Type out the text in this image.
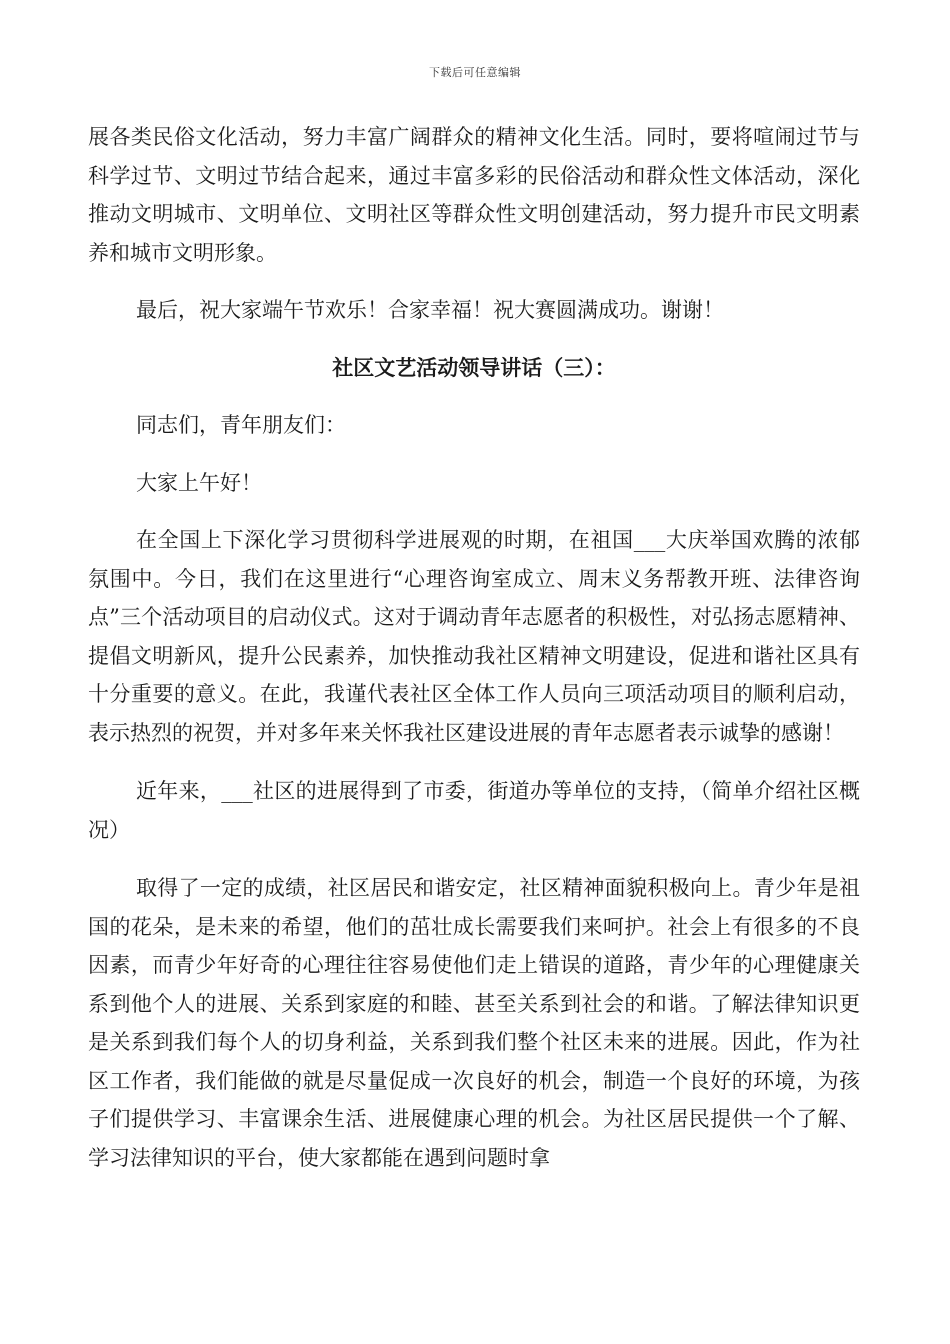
下载后可任意编辑

展各类民俗文化活动，努力丰富广阔群众的精神文化生活。同时，要将喧闹过节与科学过节、文明过节结合起来，通过丰富多彩的民俗活动和群众性文体活动，深化推动文明城市、文明单位、文明社区等群众性文明创建活动，努力提升市民文明素养和城市文明形象。

最后，祝大家端午节欢乐！合家幸福！祝大赛圆满成功。谢谢！

社区文艺活动领导讲话（三）：

同志们，青年朋友们：

大家上午好！

在全国上下深化学习贯彻科学进展观的时期，在祖国___大庆举国欢腾的浓郁氛围中。今日，我们在这里进行“心理咨询室成立、周末义务帮教开班、法律咨询点”三个活动项目的启动仪式。这对于调动青年志愿者的积极性，对弘扬志愿精神、提倡文明新风，提升公民素养，加快推动我社区精神文明建设，促进和谐社区具有十分重要的意义。在此，我谨代表社区全体工作人员向三项活动项目的顺利启动，表示热烈的祝贺，并对多年来关怀我社区建设进展的青年志愿者表示诚挚的感谢！

近年来，___社区的进展得到了市委，街道办等单位的支持，（简单介绍社区概况）

取得了一定的成绩，社区居民和谐安定，社区精神面貌积极向上。青少年是祖国的花朵，是未来的希望，他们的茁壮成长需要我们来呵护。社会上有很多的不良因素，而青少年好奇的心理往往容易使他们走上错误的道路，青少年的心理健康关系到他个人的进展、关系到家庭的和睦、甚至关系到社会的和谐。了解法律知识更是关系到我们每个人的切身利益，关系到我们整个社区未来的进展。因此，作为社区工作者，我们能做的就是尽量促成一次良好的机会，制造一个良好的环境，为孩子们提供学习、丰富课余生活、进展健康心理的机会。为社区居民提供一个了解、学习法律知识的平台，使大家都能在遇到问题时拿
